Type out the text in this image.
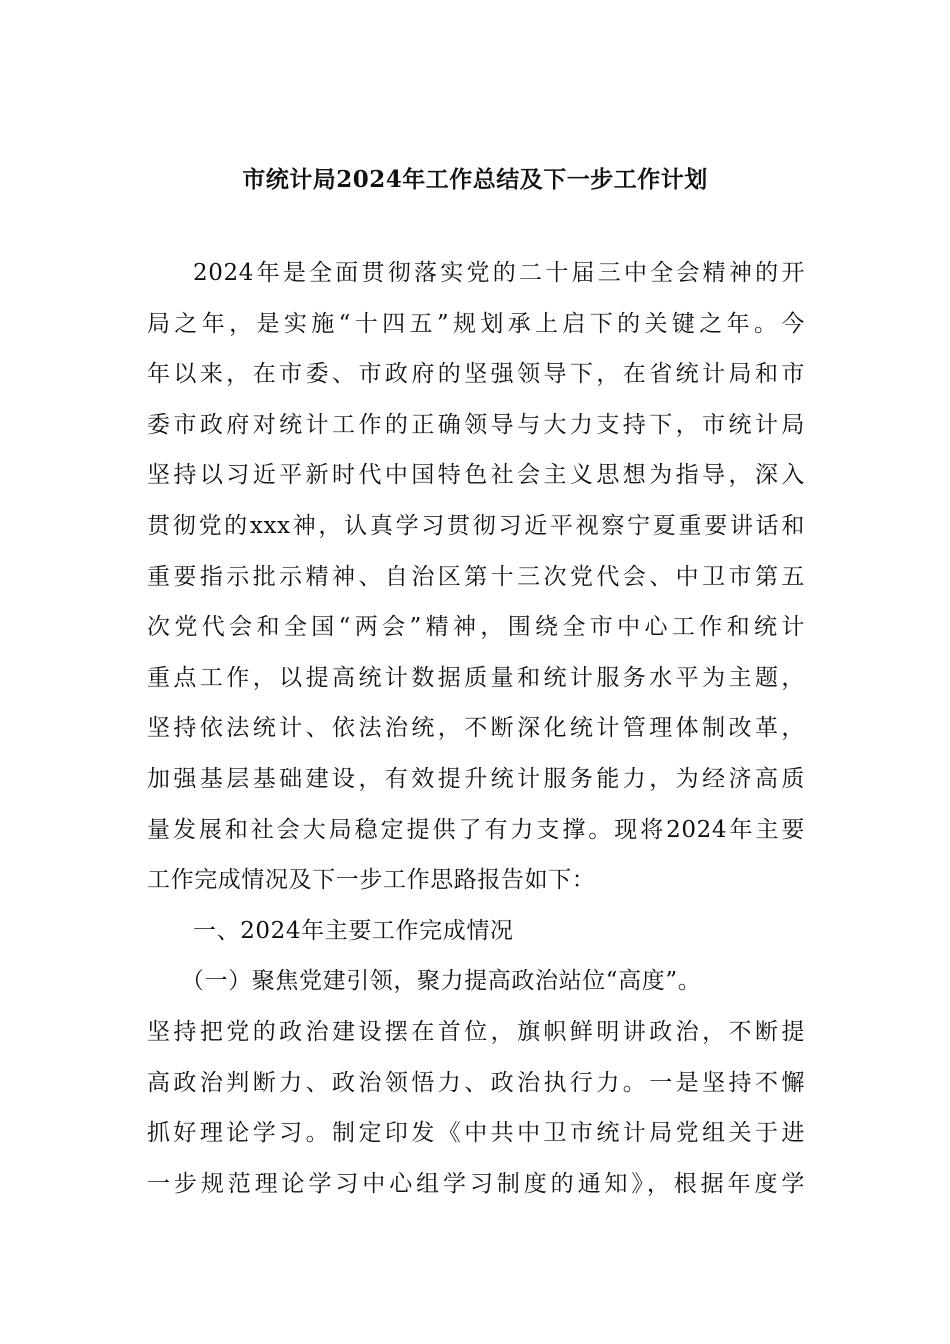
市统计局2024年工作总结及下一步工作计划
2024年是全面贯彻落实党的二十届三中全会精神的开
局之年，是实施“十四五”规划承上启下的关键之年。今
年以来，在市委、市政府的坚强领导下，在省统计局和市
委市政府对统计工作的正确领导与大力支持下，市统计局
坚持以习近平新时代中国特色社会主义思想为指导，深入
贯彻党的xxx神，认真学习贯彻习近平视察宁夏重要讲话和
重要指示批示精神、自治区第十三次党代会、中卫市第五
次党代会和全国“两会”精神，围绕全市中心工作和统计
重点工作，以提高统计数据质量和统计服务水平为主题，
坚持依法统计、依法治统，不断深化统计管理体制改革，
加强基层基础建设，有效提升统计服务能力，为经济高质
量发展和社会大局稳定提供了有力支撑。现将2024年主要
工作完成情况及下一步工作思路报告如下：
一、2024年主要工作完成情况
（一）聚焦党建引领，聚力提高政治站位“高度”。
坚持把党的政治建设摆在首位，旗帜鲜明讲政治，不断提
高政治判断力、政治领悟力、政治执行力。一是坚持不懈
抓好理论学习。制定印发《中共中卫市统计局党组关于进
一步规范理论学习中心组学习制度的通知》，根据年度学
